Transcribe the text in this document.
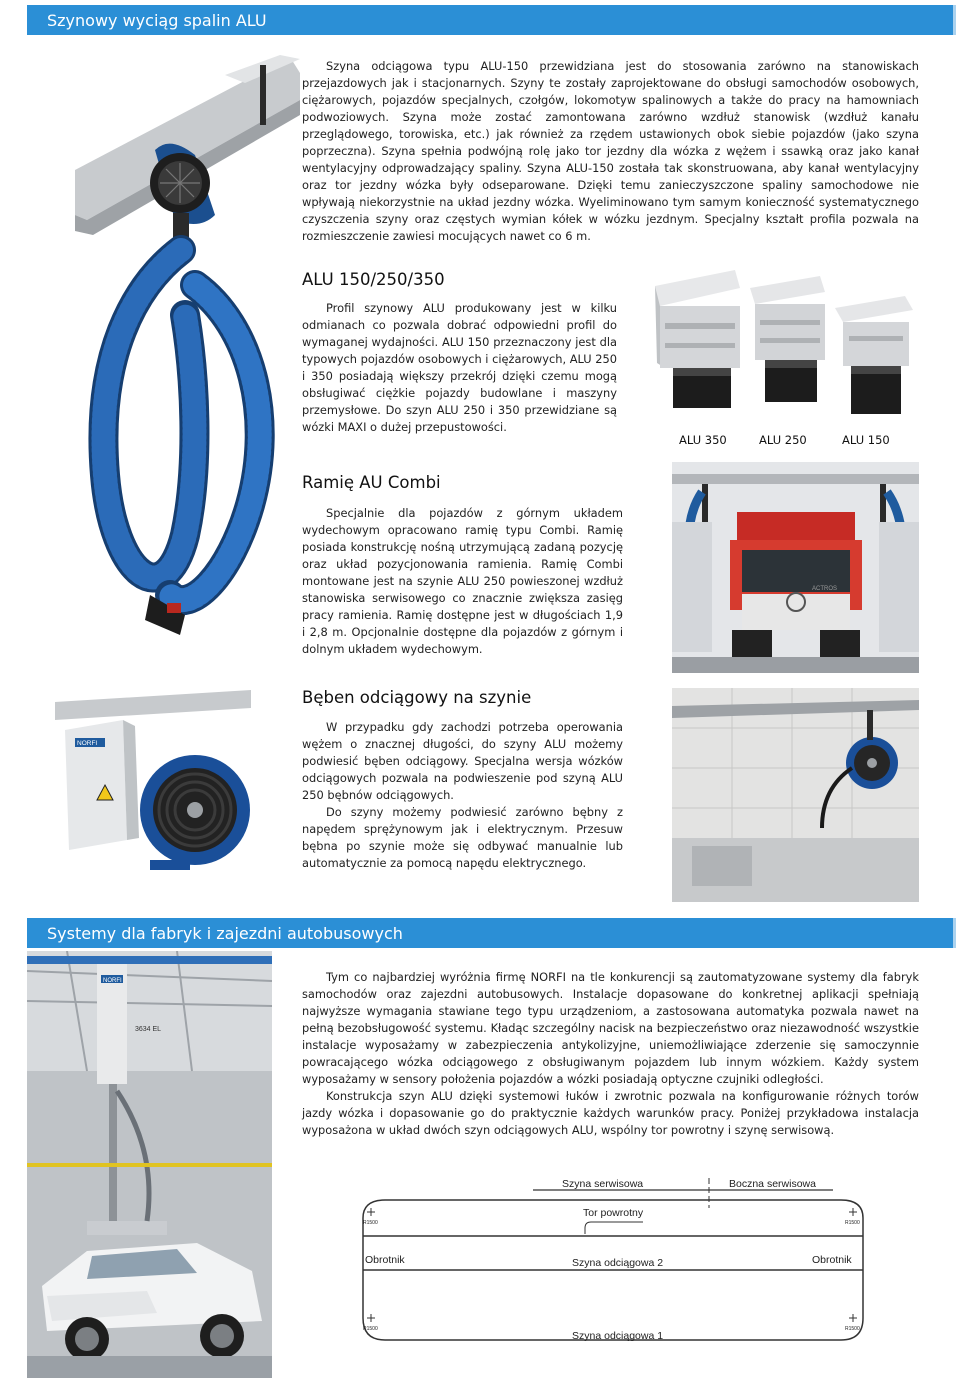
Szynowy wyciąg spalin ALU

Szyna odciągowa typu ALU-150 przewidziana jest do stosowania zarówno na stanowiskach przejazdowych jak i stacjonarnych. Szyny te zostały zaprojektowane do obsługi samochodów osobowych, ciężarowych, pojazdów specjalnych, czołgów, lokomotyw spalinowych a także do pracy na hamowniach podwoziowych. Szyna może zostać zamontowana zarówno wzdłuż stanowisk (wzdłuż kanału przeglądowego, torowiska, etc.) jak również za rzędem ustawionych obok siebie pojazdów (jako szyna poprzeczna). Szyna spełnia podwójną rolę jako tor jezdny dla wózka z wężem i ssawką oraz jako kanał wentylacyjny odprowadzający spaliny. Szyna ALU-150 została tak skonstruowana, aby kanał wentylacyjny oraz tor jezdny wózka były odseparowane. Dzięki temu zanieczyszczone spaliny samochodowe nie wpływają niekorzystnie na układ jezdny wózka. Wyeliminowano tym samym konieczność systematycznego czyszczenia szyny oraz częstych wymian kółek w wózku jezdnym. Specjalny kształt profila pozwala na rozmieszczenie zawiesi mocujących nawet co 6 m.

ALU 150/250/350

Profil szynowy ALU produkowany jest w kilku odmianach co pozwala dobrać odpowiedni profil do wymaganej wydajności. ALU 150 przeznaczony jest dla typowych pojazdów osobowych i ciężarowych, ALU 250 i 350 posiadają większy przekrój dzięki czemu mogą obsługiwać ciężkie pojazdy budowlane i maszyny przemysłowe. Do szyn ALU 250 i 350 przewidziane są wózki MAXI o dużej przepustowości.

ALU 350	ALU 250	ALU 150
Ramię AU Combi

Specjalnie dla pojazdów z górnym układem wydechowym opracowano ramię typu Combi. Ramię posiada konstrukcję nośną utrzymującą zadaną pozycję oraz układ pozycjonowania ramienia. Ramię Combi montowane jest na szynie ALU 250 powieszonej wzdłuż stanowiska serwisowego co znacznie zwiększa zasięg pracy ramienia. Ramię dostępne jest w długościach 1,9 i 2,8 m. Opcjonalnie dostępne dla pojazdów z górnym i dolnym układem wydechowym.

ACTROS
NORFI
Bęben odciągowy na szynie

W przypadku gdy zachodzi potrzeba operowania wężem o znacznej długości, do szyny ALU możemy podwiesić bęben odciągowy. Specjalna wersja wózków odciągowych pozwala na podwieszenie pod szyną ALU 250 bębnów odciągowych.

Do szyny możemy podwiesić zarówno bębny z napędem sprężynowym jak i elektrycznym. Przesuw bębna po szynie może się odbywać manualnie lub automatycznie za pomocą napędu elektrycznego.

Systemy dla fabryk i zajezdni autobusowych
NORFI
3634 EL

Tym co najbardziej wyróżnia firmę NORFI na tle konkurencji są zautomatyzowane systemy dla fabryk samochodów oraz zajezdni autobusowych. Instalacje dopasowane do konkretnej aplikacji spełniają najwyższe wymagania stawiane tego typu urządzeniom, a zastosowana automatyka pozwala nawet na pełną bezobsługowość systemu. Kładąc szczególny nacisk na bezpieczeństwo oraz niezawodność wszystkie instalacje wyposażamy w zabezpieczenia antykolizyjne, uniemożliwiające zderzenie się samoczynnie powracającego wózka odciągowego z obsługiwanym pojazdem lub innym wózkiem. Każdy system wyposażamy w sensory położenia pojazdów a wózki posiadają optyczne czujniki odległości.

Konstrukcja szyn ALU dzięki systemowi łuków i zwrotnic pozwala na konfigurowanie różnych torów jazdy wózka i dopasowanie go do praktycznie każdych warunków pracy. Poniżej przykładowa instalacja wyposażona w układ dwóch szyn odciągowych ALU, wspólny tor powrotny i szynę serwisową.

Szyna serwisowa	Boczna serwisowa
Tor powrotny
Obrotnik	Obrotnik
Szyna odciągowa 2
Szyna odciągowa 1
R1500	R1500
R1500	R1500
